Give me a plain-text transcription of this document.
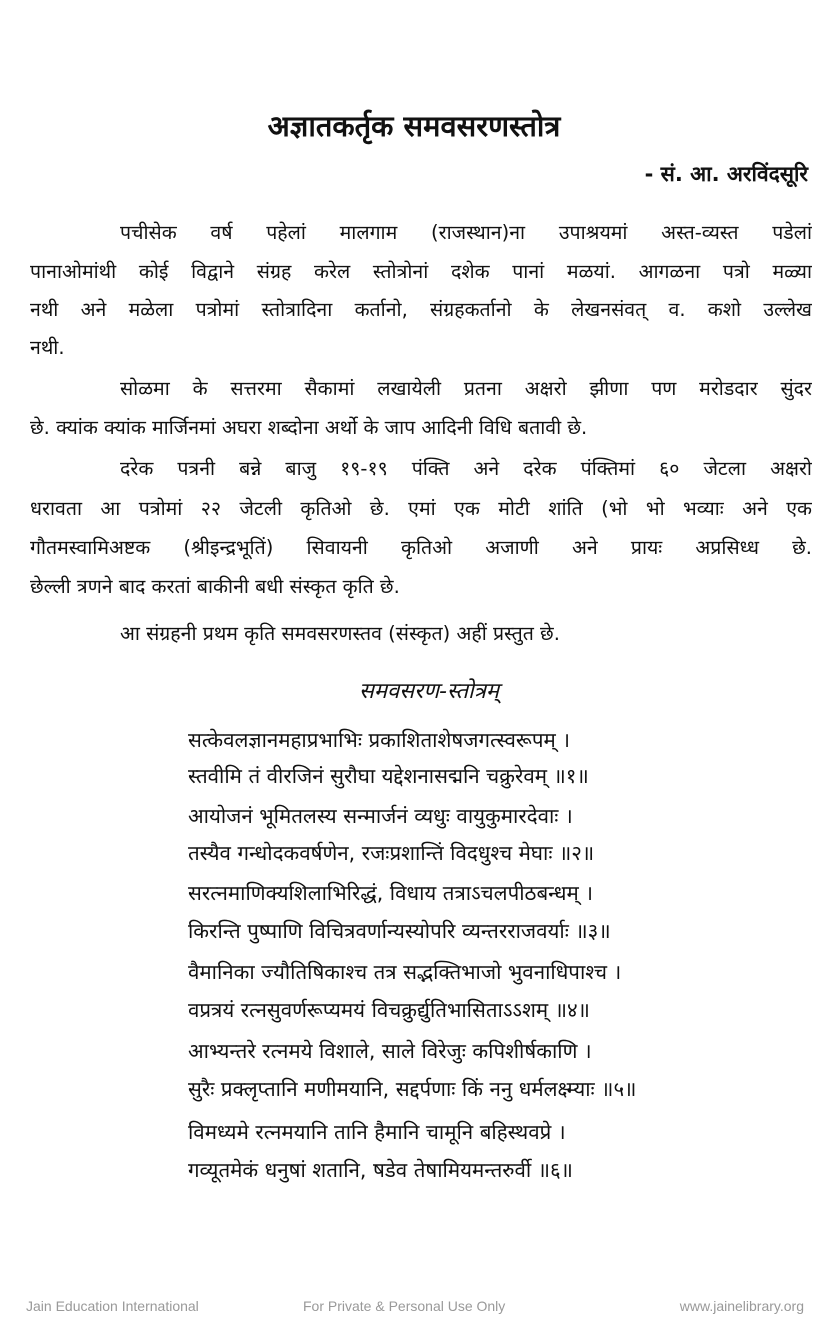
अज्ञातकर्तृक समवसरणस्तोत्र
- सं. आ. अरविंदसूरि
पचीसेक वर्ष पहेलां मालगाम (राजस्थान)ना उपाश्रयमां अस्त-व्यस्त पडेलां
पानाओमांथी कोई विद्वाने संग्रह करेल स्तोत्रोनां दशेक पानां मळयां. आगळना पत्रो मळ्या
नथी अने मळेला पत्रोमां स्तोत्रादिना कर्तानो, संग्रहकर्तानो के लेखनसंवत् व. कशो उल्लेख
नथी.
सोळमा के सत्तरमा सैकामां लखायेली प्रतना अक्षरो झीणा पण मरोडदार सुंदर
छे. क्यांक क्यांक मार्जिनमां अघरा शब्दोना अर्थो के जाप आदिनी विधि बतावी छे.
दरेक पत्रनी बन्ने बाजु १९-१९ पंक्ति अने दरेक पंक्तिमां ६० जेटला अक्षरो
धरावता आ पत्रोमां २२ जेटली कृतिओ छे. एमां एक मोटी शांति (भो भो भव्याः अने एक
गौतमस्वामिअष्टक (श्रीइन्द्रभूतिं) सिवायनी कृतिओ अजाणी अने प्रायः अप्रसिध्ध छे.
छेल्ली त्रणने बाद करतां बाकीनी बधी संस्कृत कृति छे.
आ संग्रहनी प्रथम कृति समवसरणस्तव (संस्कृत) अहीं प्रस्तुत छे.
समवसरण-स्तोत्रम्
सत्केवलज्ञानमहाप्रभाभिः प्रकाशिताशेषजगत्स्वरूपम् ।
स्तवीमि तं वीरजिनं सुरौघा यद्देशनासद्मनि चक्रुरेवम् ॥१॥
आयोजनं भूमितलस्य सन्मार्जनं व्यधुः वायुकुमारदेवाः ।
तस्यैव गन्धोदकवर्षणेन, रजःप्रशान्तिं विदधुश्च मेघाः ॥२॥
सरत्नमाणिक्यशिलाभिरिद्धं, विधाय तत्राऽचलपीठबन्धम् ।
किरन्ति पुष्पाणि विचित्रवर्णान्यस्योपरि व्यन्तरराजवर्याः ॥३॥
वैमानिका ज्यौतिषिकाश्च तत्र सद्भक्तिभाजो भुवनाधिपाश्च ।
वप्रत्रयं रत्नसुवर्णरूप्यमयं विचक्रुर्द्युतिभासिताऽऽशम् ॥४॥
आभ्यन्तरे रत्नमये विशाले, साले विरेजुः कपिशीर्षकाणि ।
सुरैः प्रक्लृप्तानि मणीमयानि, सद्दर्पणाः किं ननु धर्मलक्ष्म्याः ॥५॥
विमध्यमे रत्नमयानि तानि हैमानि चामूनि बहिस्थवप्रे ।
गव्यूतमेकं धनुषां शतानि, षडेव तेषामियमन्तरुर्वी ॥६॥
Jain Education International	For Private & Personal Use Only	www.jainelibrary.org
